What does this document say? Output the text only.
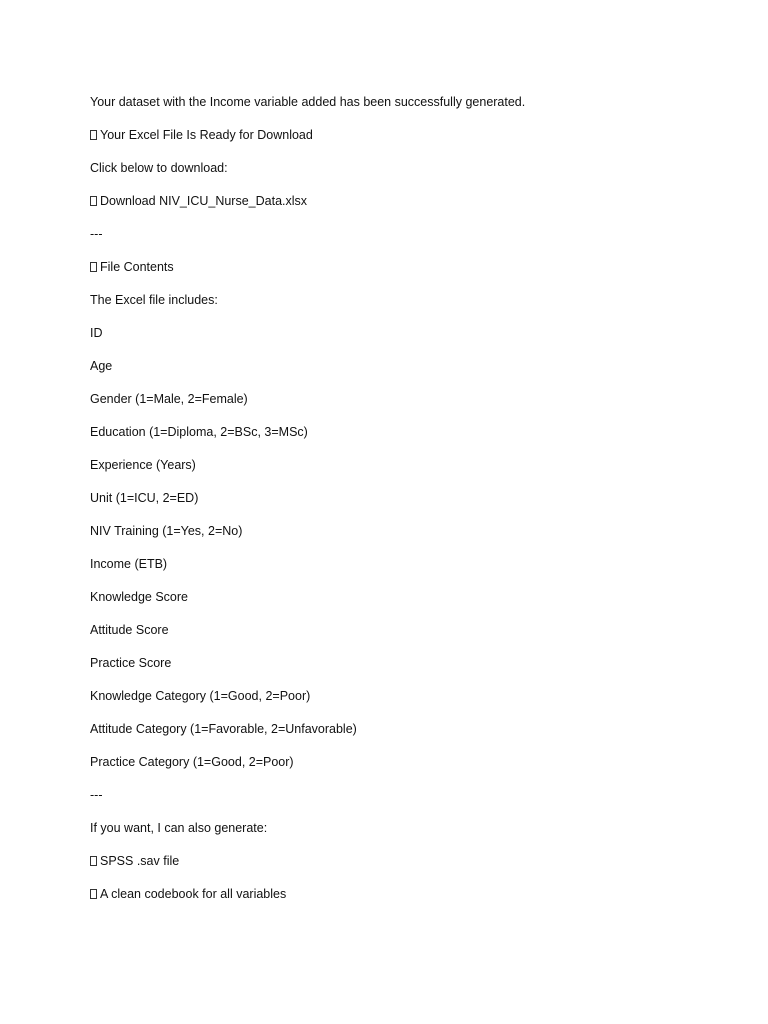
Your dataset with the Income variable added has been successfully generated.
Your Excel File Is Ready for Download
Click below to download:
Download NIV_ICU_Nurse_Data.xlsx
---
File Contents
The Excel file includes:
ID
Age
Gender (1=Male, 2=Female)
Education (1=Diploma, 2=BSc, 3=MSc)
Experience (Years)
Unit (1=ICU, 2=ED)
NIV Training (1=Yes, 2=No)
Income (ETB)
Knowledge Score
Attitude Score
Practice Score
Knowledge Category (1=Good, 2=Poor)
Attitude Category (1=Favorable, 2=Unfavorable)
Practice Category (1=Good, 2=Poor)
---
If you want, I can also generate:
SPSS .sav file
A clean codebook for all variables
